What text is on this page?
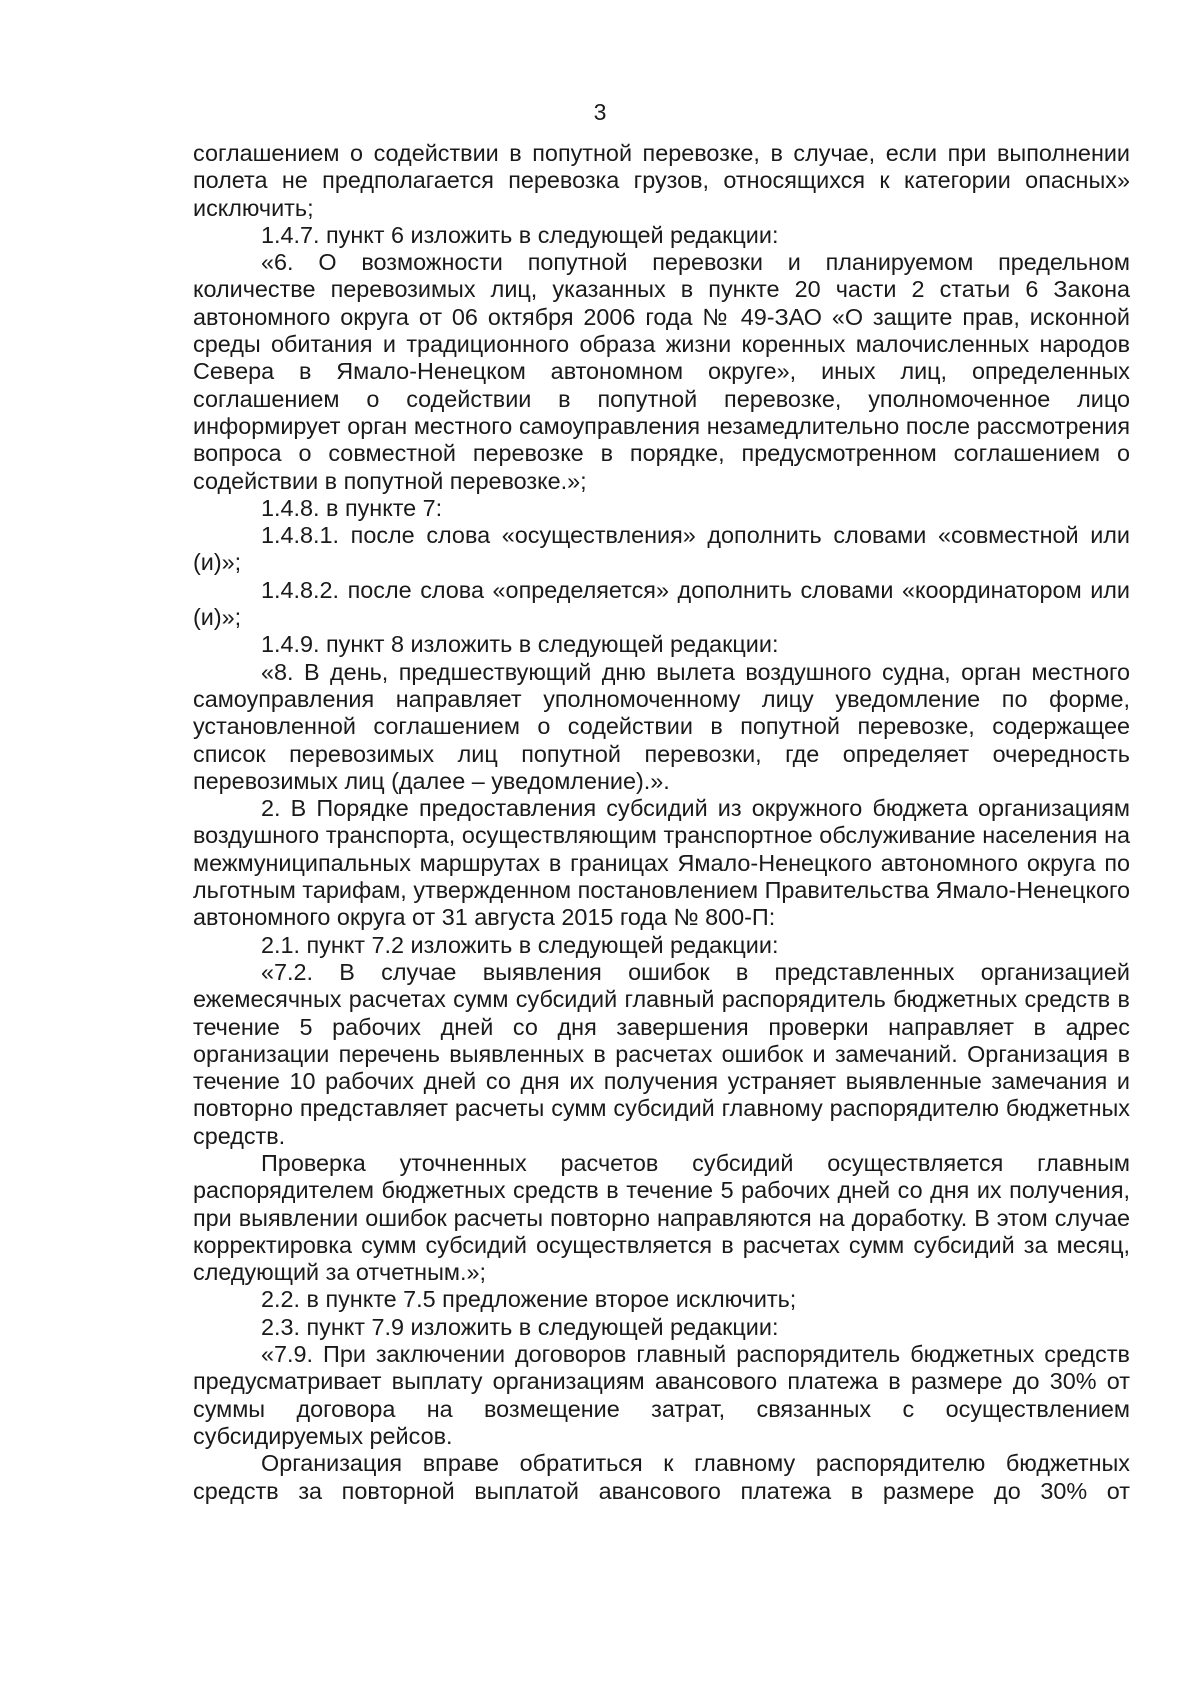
3

соглашением о содействии в попутной перевозке, в случае, если при выполнении полета не предполагается перевозка грузов, относящихся к категории опасных» исключить;

1.4.7. пункт 6 изложить в следующей редакции:

«6. О возможности попутной перевозки и планируемом предельном количестве перевозимых лиц, указанных в пункте 20 части 2 статьи 6 Закона автономного округа от 06 октября 2006 года № 49-ЗАО «О защите прав, исконной среды обитания и традиционного образа жизни коренных малочисленных народов Севера в Ямало-Ненецком автономном округе», иных лиц, определенных соглашением о содействии в попутной перевозке, уполномоченное лицо информирует орган местного самоуправления незамедлительно после рассмотрения вопроса о совместной перевозке в порядке, предусмотренном соглашением о содействии в попутной перевозке.»;

1.4.8. в пункте 7:

1.4.8.1. после слова «осуществления» дополнить словами «совместной или (и)»;

1.4.8.2. после слова «определяется» дополнить словами «координатором или (и)»;

1.4.9. пункт 8 изложить в следующей редакции:

«8. В день, предшествующий дню вылета воздушного судна, орган местного самоуправления направляет уполномоченному лицу уведомление по форме, установленной соглашением о содействии в попутной перевозке, содержащее список перевозимых лиц попутной перевозки, где определяет очередность перевозимых лиц (далее – уведомление).».

2. В Порядке предоставления субсидий из окружного бюджета организациям воздушного транспорта, осуществляющим транспортное обслуживание населения на межмуниципальных маршрутах в границах Ямало-Ненецкого автономного округа по льготным тарифам, утвержденном постановлением Правительства Ямало-Ненецкого автономного округа от 31 августа 2015 года № 800-П:

2.1. пункт 7.2 изложить в следующей редакции:

«7.2. В случае выявления ошибок в представленных организацией ежемесячных расчетах сумм субсидий главный распорядитель бюджетных средств в течение 5 рабочих дней со дня завершения проверки направляет в адрес организации перечень выявленных в расчетах ошибок и замечаний. Организация в течение 10 рабочих дней со дня их получения устраняет выявленные замечания и повторно представляет расчеты сумм субсидий главному распорядителю бюджетных средств.

Проверка уточненных расчетов субсидий осуществляется главным распорядителем бюджетных средств в течение 5 рабочих дней со дня их получения, при выявлении ошибок расчеты повторно направляются на доработку. В этом случае корректировка сумм субсидий осуществляется в расчетах сумм субсидий за месяц, следующий за отчетным.»;

2.2. в пункте 7.5 предложение второе исключить;

2.3. пункт 7.9 изложить в следующей редакции:

«7.9. При заключении договоров главный распорядитель бюджетных средств предусматривает выплату организациям авансового платежа в размере до 30% от суммы договора на возмещение затрат, связанных с осуществлением субсидируемых рейсов.

Организация вправе обратиться к главному распорядителю бюджетных средств за повторной выплатой авансового платежа в размере до 30% от
